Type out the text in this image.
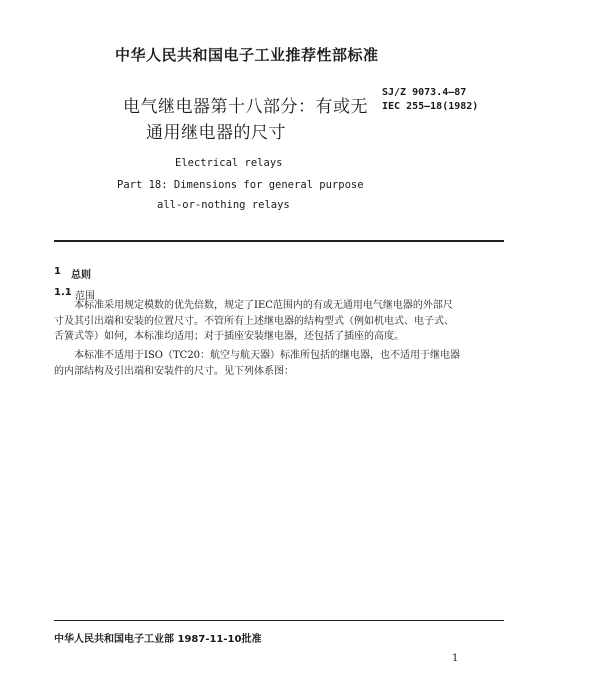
中华人民共和国电子工业推荐性部标准
电气继电器第十八部分：有或无
通用继电器的尺寸
SJ/Z 9073.4—87
IEC 255—18(1982)
Electrical relays
Part 18: Dimensions for general purpose
all-or-nothing relays
1 总则
1.1 范围
本标准采用规定模数的优先倍数，规定了IEC范围内的有或无通用电气继电器的外部尺
寸及其引出端和安装的位置尺寸。不管所有上述继电器的结构型式（例如机电式、电子式、
舌簧式等）如何，本标准均适用；对于插座安装继电器，还包括了插座的高度。
本标准不适用于ISO（TC20：航空与航天器）标准所包括的继电器，也不适用于继电器
的内部结构及引出端和安装件的尺寸。见下列体系图：
中华人民共和国电子工业部 1987-11-10批准
1
